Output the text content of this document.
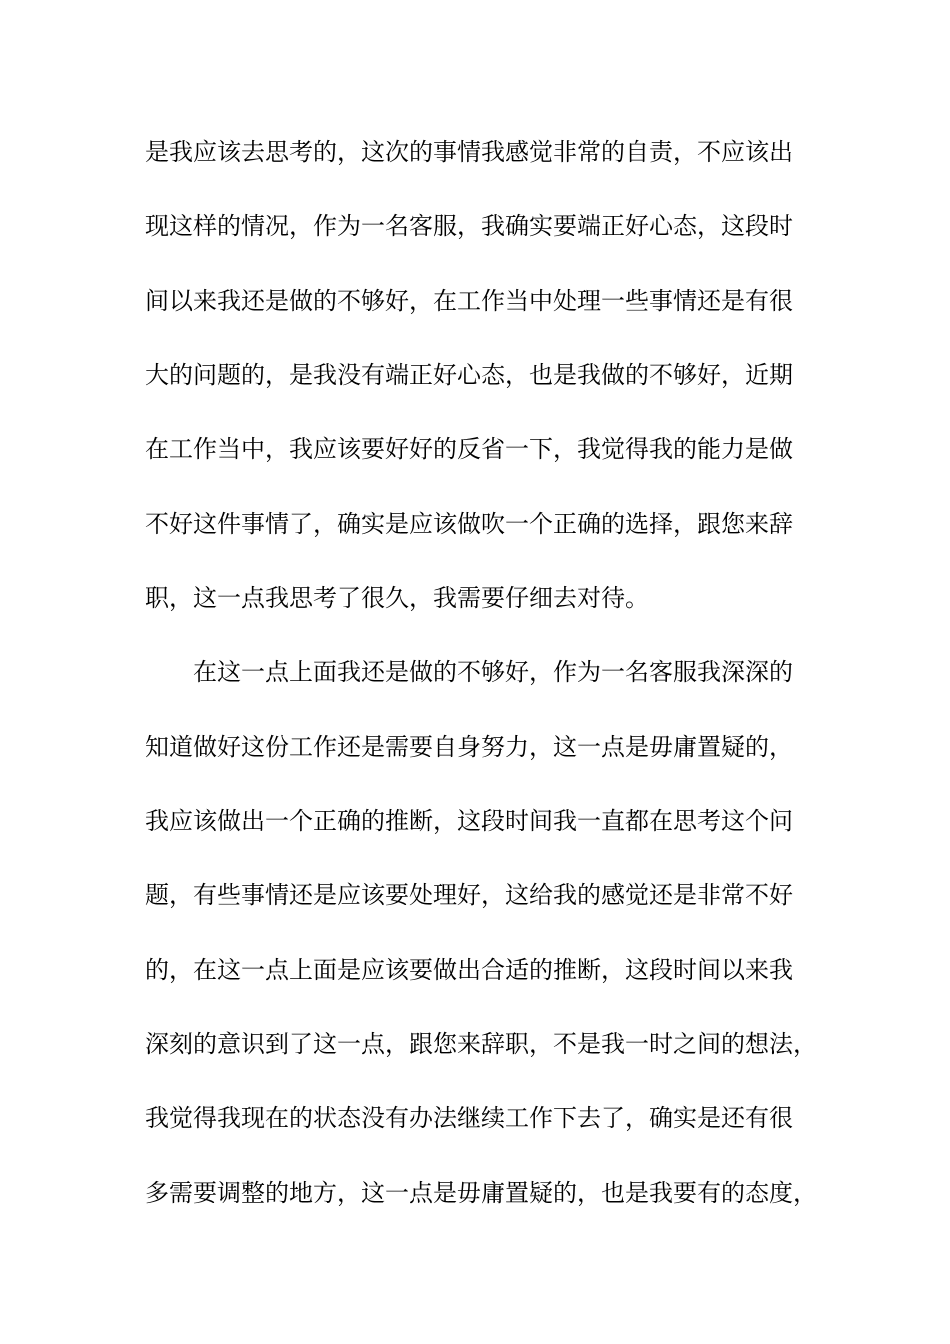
是我应该去思考的，这次的事情我感觉非常的自责，不应该出
现这样的情况，作为一名客服，我确实要端正好心态，这段时
间以来我还是做的不够好，在工作当中处理一些事情还是有很
大的问题的，是我没有端正好心态，也是我做的不够好，近期
在工作当中，我应该要好好的反省一下，我觉得我的能力是做
不好这件事情了，确实是应该做吹一个正确的选择，跟您来辞
职，这一点我思考了很久，我需要仔细去对待。
在这一点上面我还是做的不够好，作为一名客服我深深的
知道做好这份工作还是需要自身努力，这一点是毋庸置疑的，
我应该做出一个正确的推断，这段时间我一直都在思考这个问
题，有些事情还是应该要处理好，这给我的感觉还是非常不好
的，在这一点上面是应该要做出合适的推断，这段时间以来我
深刻的意识到了这一点，跟您来辞职，不是我一时之间的想法，
我觉得我现在的状态没有办法继续工作下去了，确实是还有很
多需要调整的地方，这一点是毋庸置疑的，也是我要有的态度，
